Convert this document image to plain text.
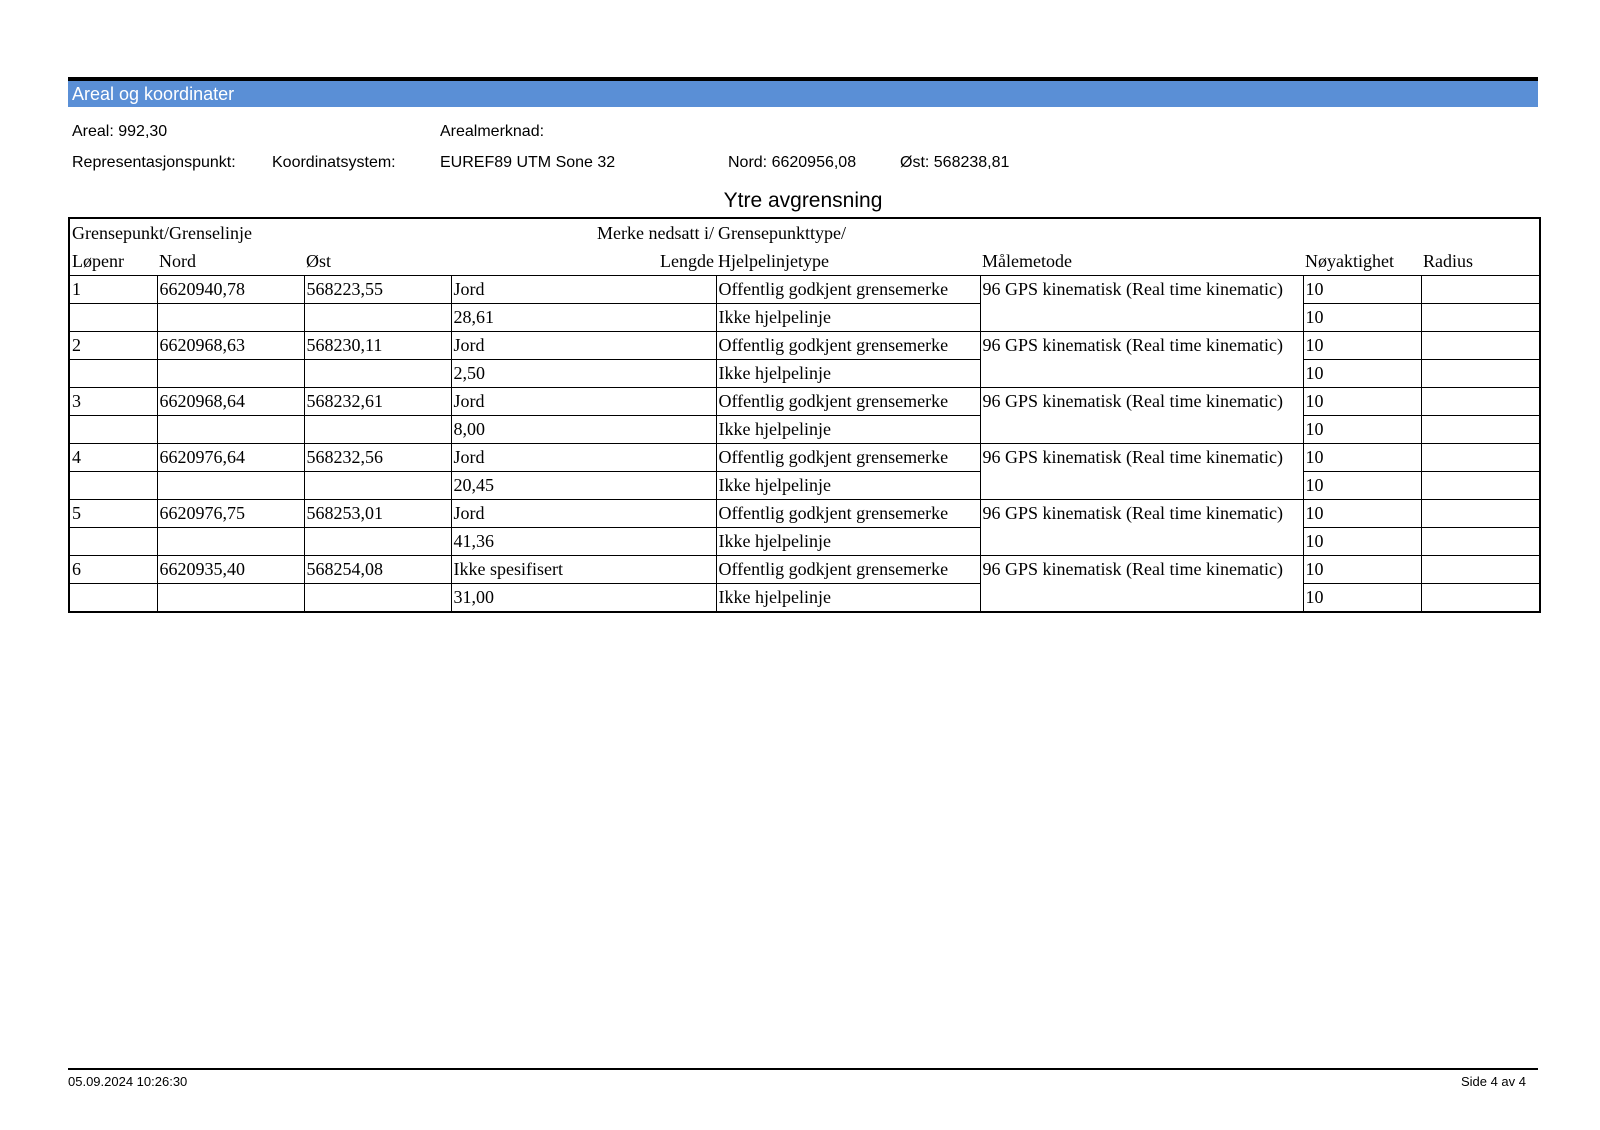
Areal og koordinater
Areal: 992,30	Arealmerknad:
Representasjonspunkt: Koordinatsystem:	EUREF89 UTM Sone 32	Nord: 6620956,08	Øst: 568238,81
Ytre avgrensning
Grensepunkt/Grenselinje			Merke nedsatt i/	Grensepunkttype/			
Løpenr	Nord	Øst	Lengde	Hjelpelinjetype	Målemetode	Nøyaktighet	Radius
1	6620940,78	568223,55	Jord	Offentlig godkjent grensemerke	96 GPS kinematisk (Real time kinematic)	10	
			28,61	Ikke hjelpelinje		10	
2	6620968,63	568230,11	Jord	Offentlig godkjent grensemerke	96 GPS kinematisk (Real time kinematic)	10	
			2,50	Ikke hjelpelinje		10	
3	6620968,64	568232,61	Jord	Offentlig godkjent grensemerke	96 GPS kinematisk (Real time kinematic)	10	
			8,00	Ikke hjelpelinje		10	
4	6620976,64	568232,56	Jord	Offentlig godkjent grensemerke	96 GPS kinematisk (Real time kinematic)	10	
			20,45	Ikke hjelpelinje		10	
5	6620976,75	568253,01	Jord	Offentlig godkjent grensemerke	96 GPS kinematisk (Real time kinematic)	10	
			41,36	Ikke hjelpelinje		10	
6	6620935,40	568254,08	Ikke spesifisert	Offentlig godkjent grensemerke	96 GPS kinematisk (Real time kinematic)	10	
			31,00	Ikke hjelpelinje		10	
05.09.2024 10:26:30	Side 4 av 4
